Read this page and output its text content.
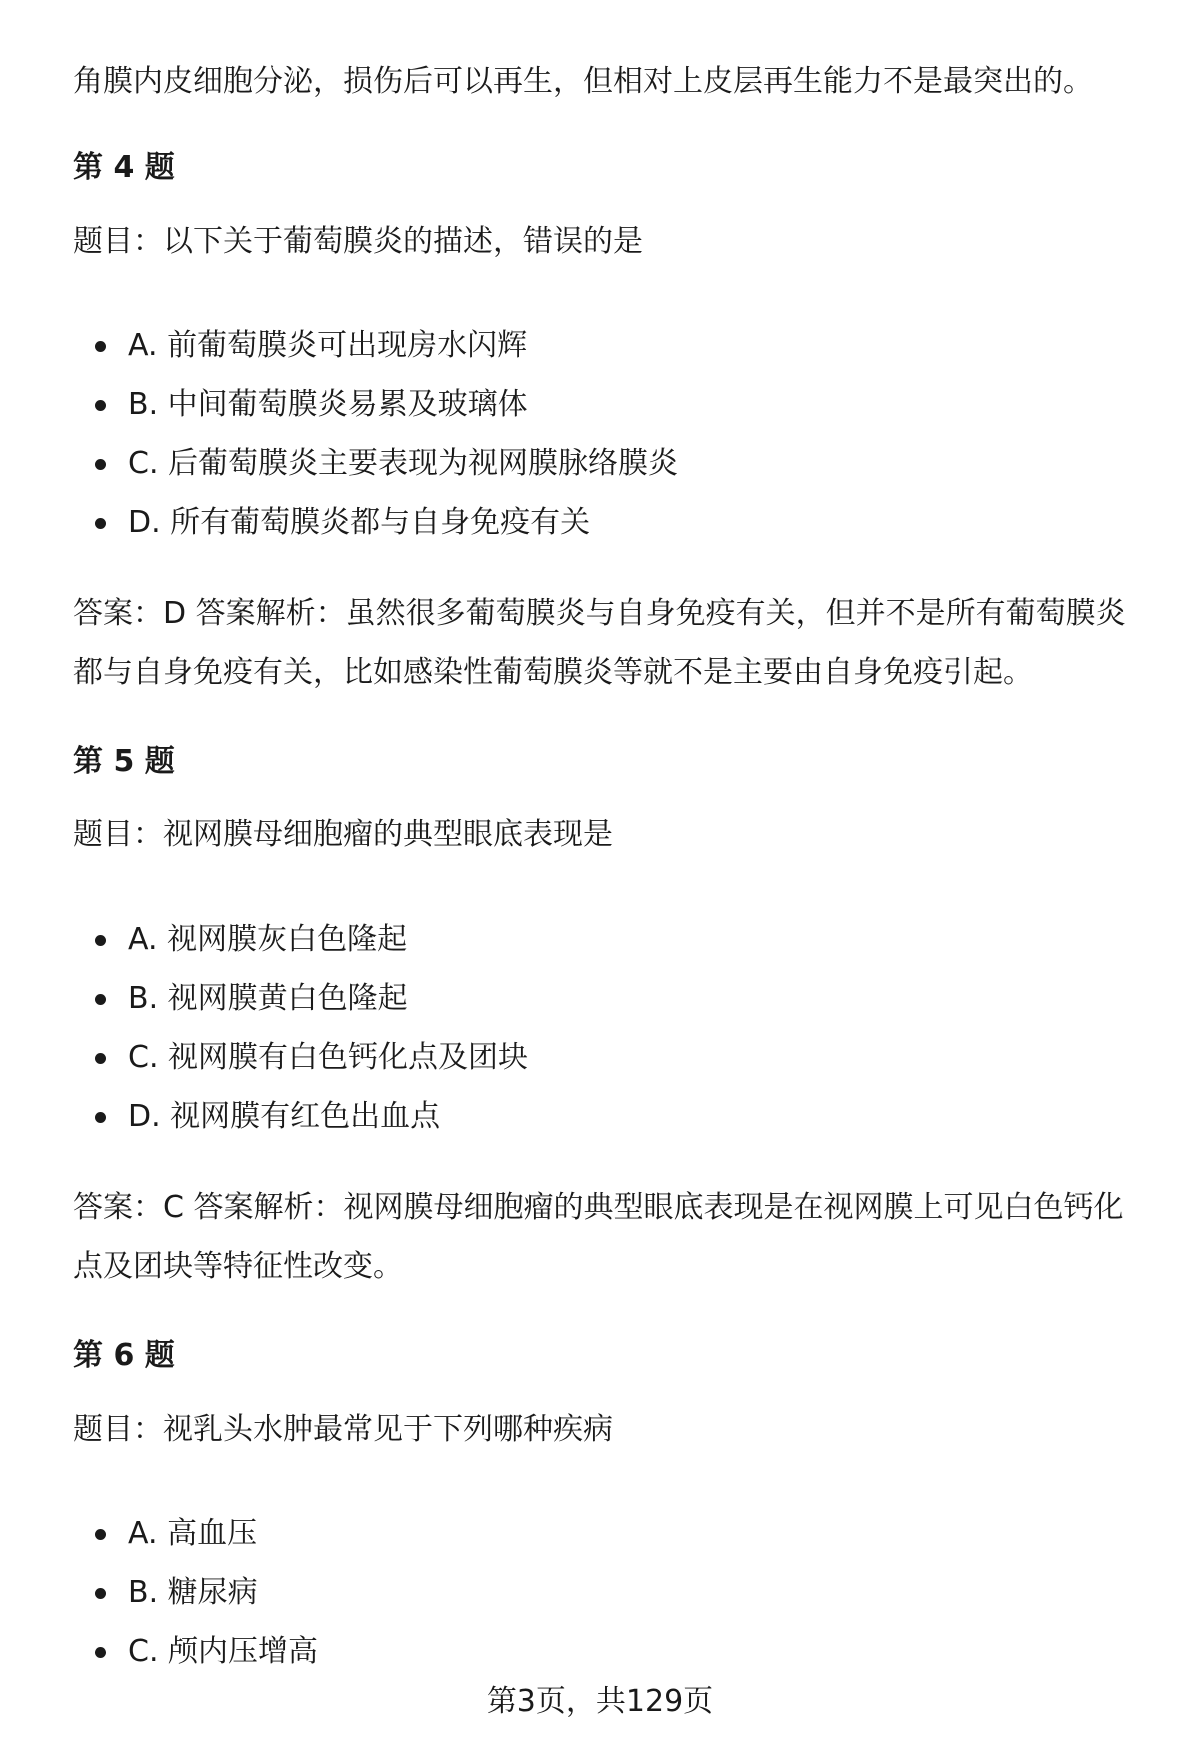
角膜内皮细胞分泌，损伤后可以再生，但相对上皮层再生能力不是最突出的。

第 4 题

题目：以下关于葡萄膜炎的描述，错误的是

A. 前葡萄膜炎可出现房水闪辉
B. 中间葡萄膜炎易累及玻璃体
C. 后葡萄膜炎主要表现为视网膜脉络膜炎
D. 所有葡萄膜炎都与自身免疫有关

答案：D 答案解析：虽然很多葡萄膜炎与自身免疫有关，但并不是所有葡萄膜炎都与自身免疫有关，比如感染性葡萄膜炎等就不是主要由自身免疫引起。

第 5 题

题目：视网膜母细胞瘤的典型眼底表现是

A. 视网膜灰白色隆起
B. 视网膜黄白色隆起
C. 视网膜有白色钙化点及团块
D. 视网膜有红色出血点

答案：C 答案解析：视网膜母细胞瘤的典型眼底表现是在视网膜上可见白色钙化点及团块等特征性改变。

第 6 题

题目：视乳头水肿最常见于下列哪种疾病

A. 高血压
B. 糖尿病
C. 颅内压增高

第3页，共129页
